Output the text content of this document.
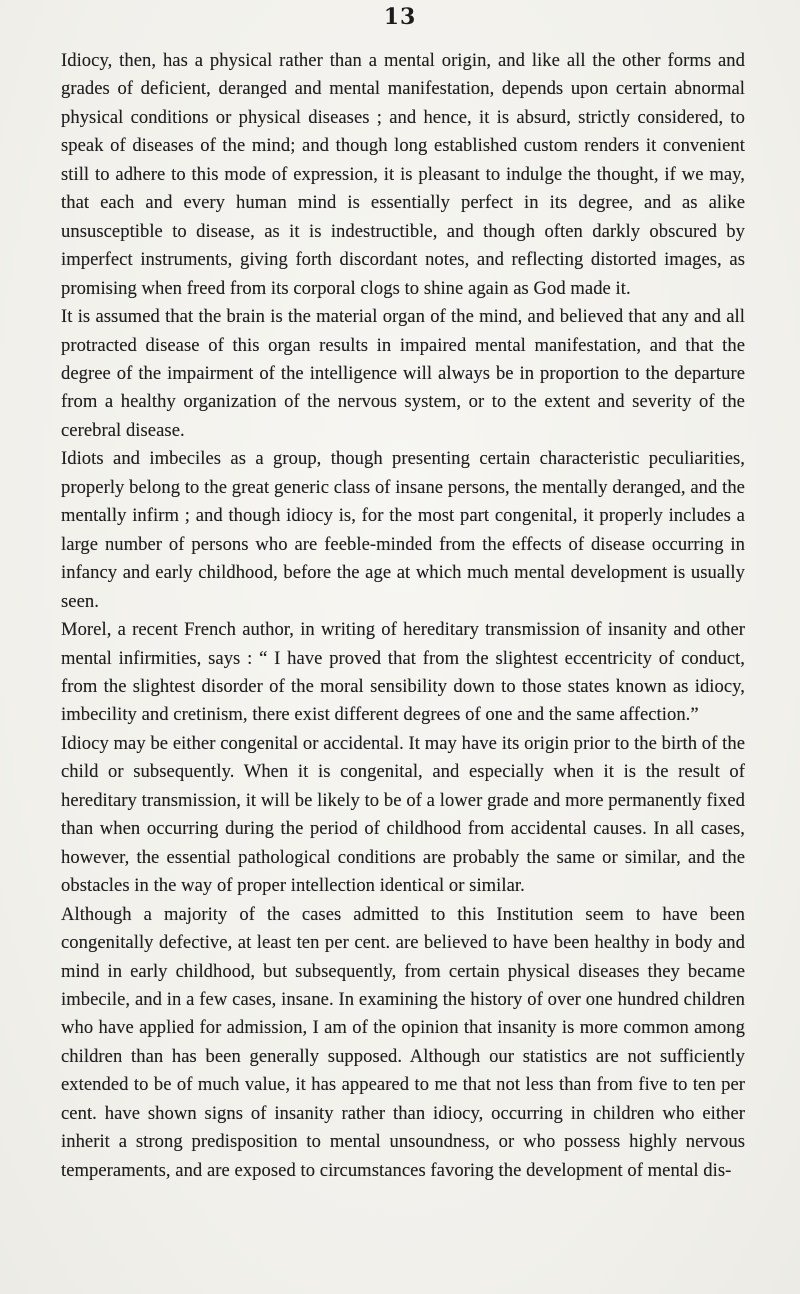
13

Idiocy, then, has a physical rather than a mental origin, and like all the other forms and grades of deficient, deranged and mental manifestation, depends upon certain abnormal physical conditions or physical diseases ; and hence, it is absurd, strictly considered, to speak of diseases of the mind; and though long established custom renders it convenient still to adhere to this mode of expression, it is pleasant to indulge the thought, if we may, that each and every human mind is essentially perfect in its degree, and as alike unsusceptible to disease, as it is indestructible, and though often darkly obscured by imperfect instruments, giving forth discordant notes, and reflecting distorted images, as promising when freed from its corporal clogs to shine again as God made it.

It is assumed that the brain is the material organ of the mind, and believed that any and all protracted disease of this organ results in impaired mental manifestation, and that the degree of the impairment of the intelligence will always be in proportion to the departure from a healthy organization of the nervous system, or to the extent and severity of the cerebral disease.

Idiots and imbeciles as a group, though presenting certain characteristic peculiarities, properly belong to the great generic class of insane persons, the mentally deranged, and the mentally infirm ; and though idiocy is, for the most part congenital, it properly includes a large number of persons who are feeble-minded from the effects of disease occurring in infancy and early childhood, before the age at which much mental development is usually seen.

Morel, a recent French author, in writing of hereditary transmission of insanity and other mental infirmities, says : “ I have proved that from the slightest eccentricity of conduct, from the slightest disorder of the moral sensibility down to those states known as idiocy, imbecility and cretinism, there exist different degrees of one and the same affection.”

Idiocy may be either congenital or accidental. It may have its origin prior to the birth of the child or subsequently. When it is congenital, and especially when it is the result of hereditary transmission, it will be likely to be of a lower grade and more permanently fixed than when occurring during the period of childhood from accidental causes. In all cases, however, the essential pathological conditions are probably the same or similar, and the obstacles in the way of proper intellection identical or similar.

Although a majority of the cases admitted to this Institution seem to have been congenitally defective, at least ten per cent. are believed to have been healthy in body and mind in early childhood, but subsequently, from certain physical diseases they became imbecile, and in a few cases, insane. In examining the history of over one hundred children who have applied for admission, I am of the opinion that insanity is more common among children than has been generally supposed. Although our statistics are not sufficiently extended to be of much value, it has appeared to me that not less than from five to ten per cent. have shown signs of insanity rather than idiocy, occurring in children who either inherit a strong predisposition to mental unsoundness, or who possess highly nervous temperaments, and are exposed to circumstances favoring the development of mental dis-
